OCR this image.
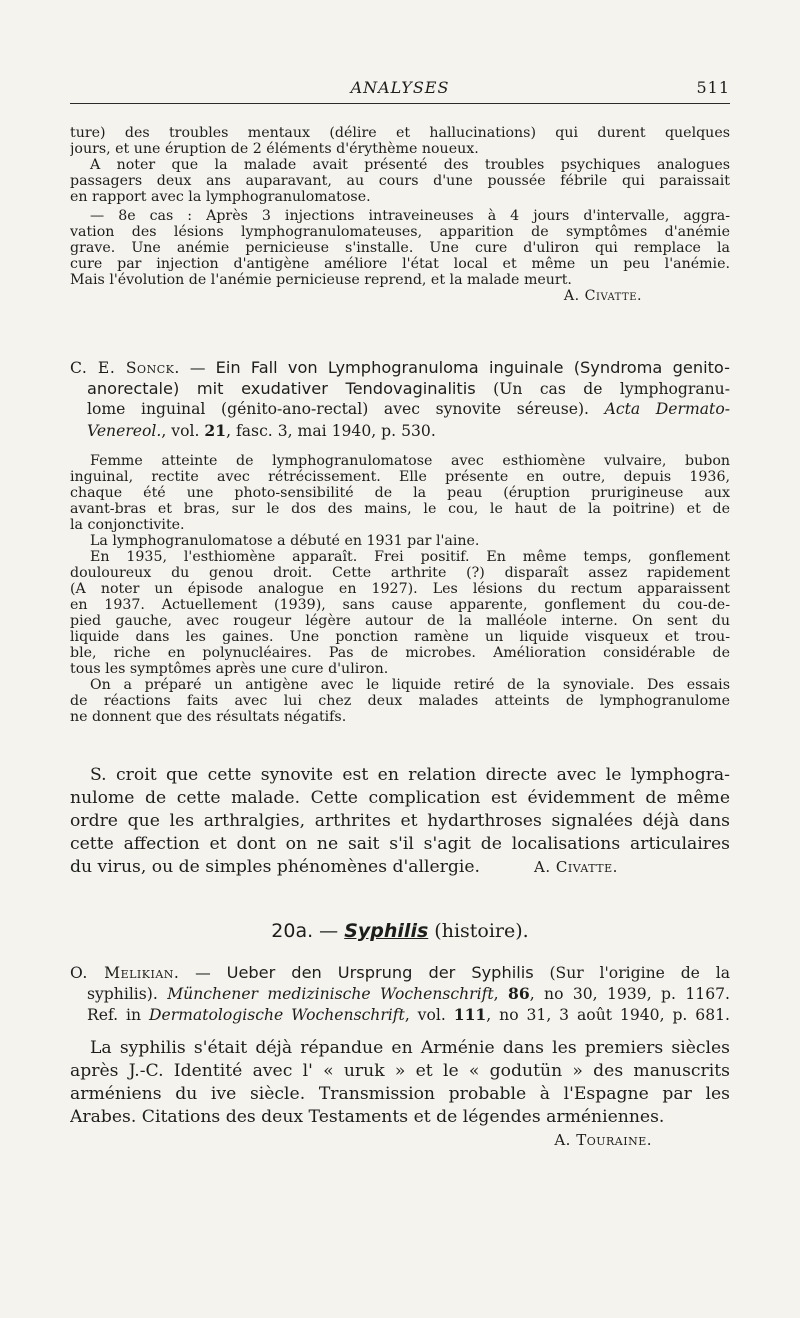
ANALYSES	511
ture) des troubles mentaux (délire et hallucinations) qui durent quelques
jours, et une éruption de 2 éléments d'érythème noueux.
A noter que la malade avait présenté des troubles psychiques analogues
passagers deux ans auparavant, au cours d'une poussée fébrile qui paraissait
en rapport avec la lymphogranulomatose.
— 8e cas : Après 3 injections intraveineuses à 4 jours d'intervalle, aggra-
vation des lésions lymphogranulomateuses, apparition de symptômes d'anémie
grave. Une anémie pernicieuse s'installe. Une cure d'uliron qui remplace la
cure par injection d'antigène améliore l'état local et même un peu l'anémie.
Mais l'évolution de l'anémie pernicieuse reprend, et la malade meurt.
A. Civatte.
C. E. Sonck. — Ein Fall von Lymphogranuloma inguinale (Syndroma genito-
anorectale) mit exudativer Tendovaginalitis (Un cas de lymphogranu-
lome inguinal (génito-ano-rectal) avec synovite séreuse). Acta Dermato-
Venereol., vol. 21, fasc. 3, mai 1940, p. 530.
Femme atteinte de lymphogranulomatose avec esthiomène vulvaire, bubon
inguinal, rectite avec rétrécissement. Elle présente en outre, depuis 1936,
chaque été une photo-sensibilité de la peau (éruption prurigineuse aux
avant-bras et bras, sur le dos des mains, le cou, le haut de la poitrine) et de
la conjonctivite.
La lymphogranulomatose a débuté en 1931 par l'aine.
En 1935, l'esthiomène apparaît. Frei positif. En même temps, gonflement
douloureux du genou droit. Cette arthrite (?) disparaît assez rapidement
(A noter un épisode analogue en 1927). Les lésions du rectum apparaissent
en 1937. Actuellement (1939), sans cause apparente, gonflement du cou-de-
pied gauche, avec rougeur légère autour de la malléole interne. On sent du
liquide dans les gaines. Une ponction ramène un liquide visqueux et trou-
ble, riche en polynucléaires. Pas de microbes. Amélioration considérable de
tous les symptômes après une cure d'uliron.
On a préparé un antigène avec le liquide retiré de la synoviale. Des essais
de réactions faits avec lui chez deux malades atteints de lymphogranulome
ne donnent que des résultats négatifs.
S. croit que cette synovite est en relation directe avec le lymphogra-
nulome de cette malade. Cette complication est évidemment de même
ordre que les arthralgies, arthrites et hydarthroses signalées déjà dans
cette affection et dont on ne sait s'il s'agit de localisations articulaires
du virus, ou de simples phénomènes d'allergie.	A. Civatte.
20a. — Syphilis (histoire).
O. Melikian. — Ueber den Ursprung der Syphilis (Sur l'origine de la
syphilis). Münchener medizinische Wochenschrift, 86, no 30, 1939, p. 1167.
Ref. in Dermatologische Wochenschrift, vol. 111, no 31, 3 août 1940, p. 681.
La syphilis s'était déjà répandue en Arménie dans les premiers siècles
après J.-C. Identité avec l' « uruk » et le « godutün » des manuscrits
arméniens du ive siècle. Transmission probable à l'Espagne par les
Arabes. Citations des deux Testaments et de légendes arméniennes.
A. Touraine.
